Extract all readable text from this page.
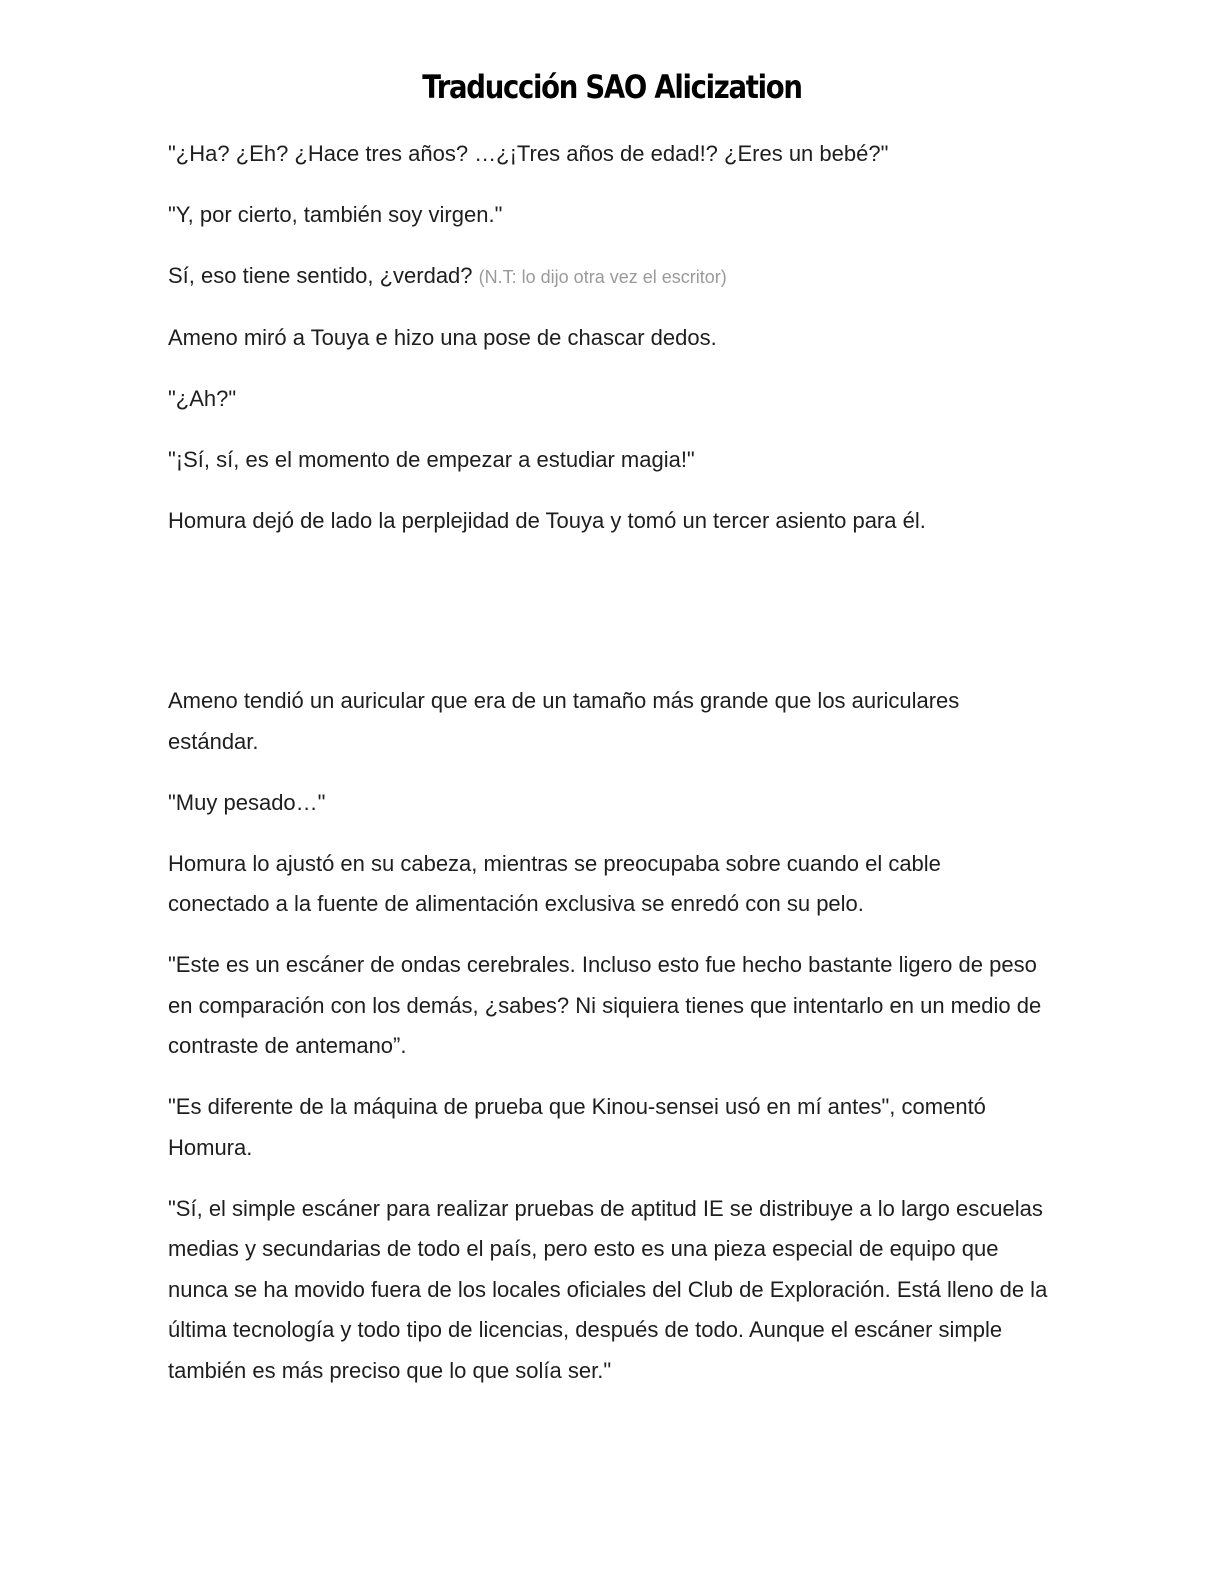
Traducción SAO Alicization

"¿Ha? ¿Eh? ¿Hace tres años? …¿¡Tres años de edad!? ¿Eres un bebé?"

"Y, por cierto, también soy virgen."

Sí, eso tiene sentido, ¿verdad? (N.T: lo dijo otra vez el escritor)

Ameno miró a Touya e hizo una pose de chascar dedos.

"¿Ah?"

"¡Sí, sí, es el momento de empezar a estudiar magia!"

Homura dejó de lado la perplejidad de Touya y tomó un tercer asiento para él.

Ameno tendió un auricular que era de un tamaño más grande que los auriculares estándar.

"Muy pesado…"

Homura lo ajustó en su cabeza, mientras se preocupaba sobre cuando el cable conectado a la fuente de alimentación exclusiva se enredó con su pelo.

"Este es un escáner de ondas cerebrales. Incluso esto fue hecho bastante ligero de peso en comparación con los demás, ¿sabes? Ni siquiera tienes que intentarlo en un medio de contraste de antemano”.

"Es diferente de la máquina de prueba que Kinou-sensei usó en mí antes", comentó Homura.

"Sí, el simple escáner para realizar pruebas de aptitud IE se distribuye a lo largo escuelas medias y secundarias de todo el país, pero esto es una pieza especial de equipo que nunca se ha movido fuera de los locales oficiales del Club de Exploración. Está lleno de la última tecnología y todo tipo de licencias, después de todo. Aunque el escáner simple también es más preciso que lo que solía ser."
